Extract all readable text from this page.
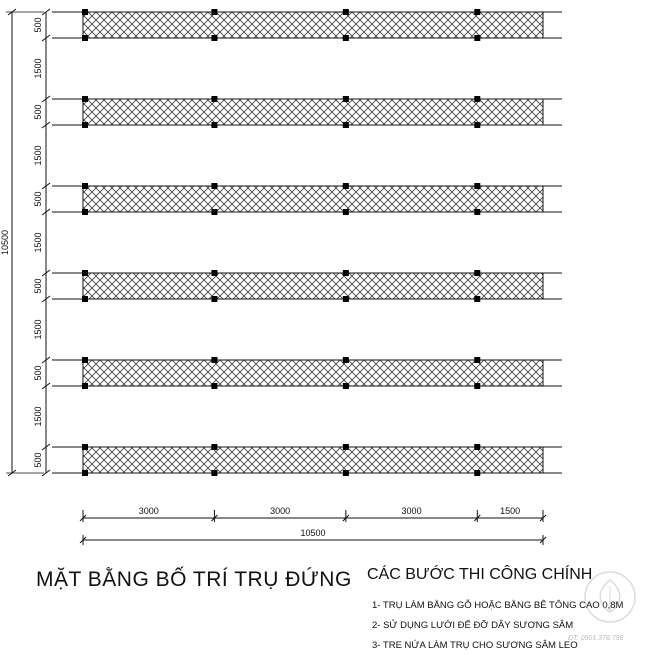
500
1500
500
1500
500
1500
500
1500
500
1500
500
10500
3000	3000	3000	1500
10500
MẶT BẰNG BỐ TRÍ TRỤ ĐỨNG CÁC BƯỚC THI CÔNG CHÍNH
1- TRỤ LÀM BẰNG GỖ HOẶC BẰNG BÊ TÔNG CAO 0,8M
2- SỬ DỤNG LƯỚI ĐỂ ĐỠ DÂY SƯƠNG SÂM
3- TRE NỨA LÀM TRỤ CHO SƯƠNG SÂM LEO
ĐT: 0901.376.798
